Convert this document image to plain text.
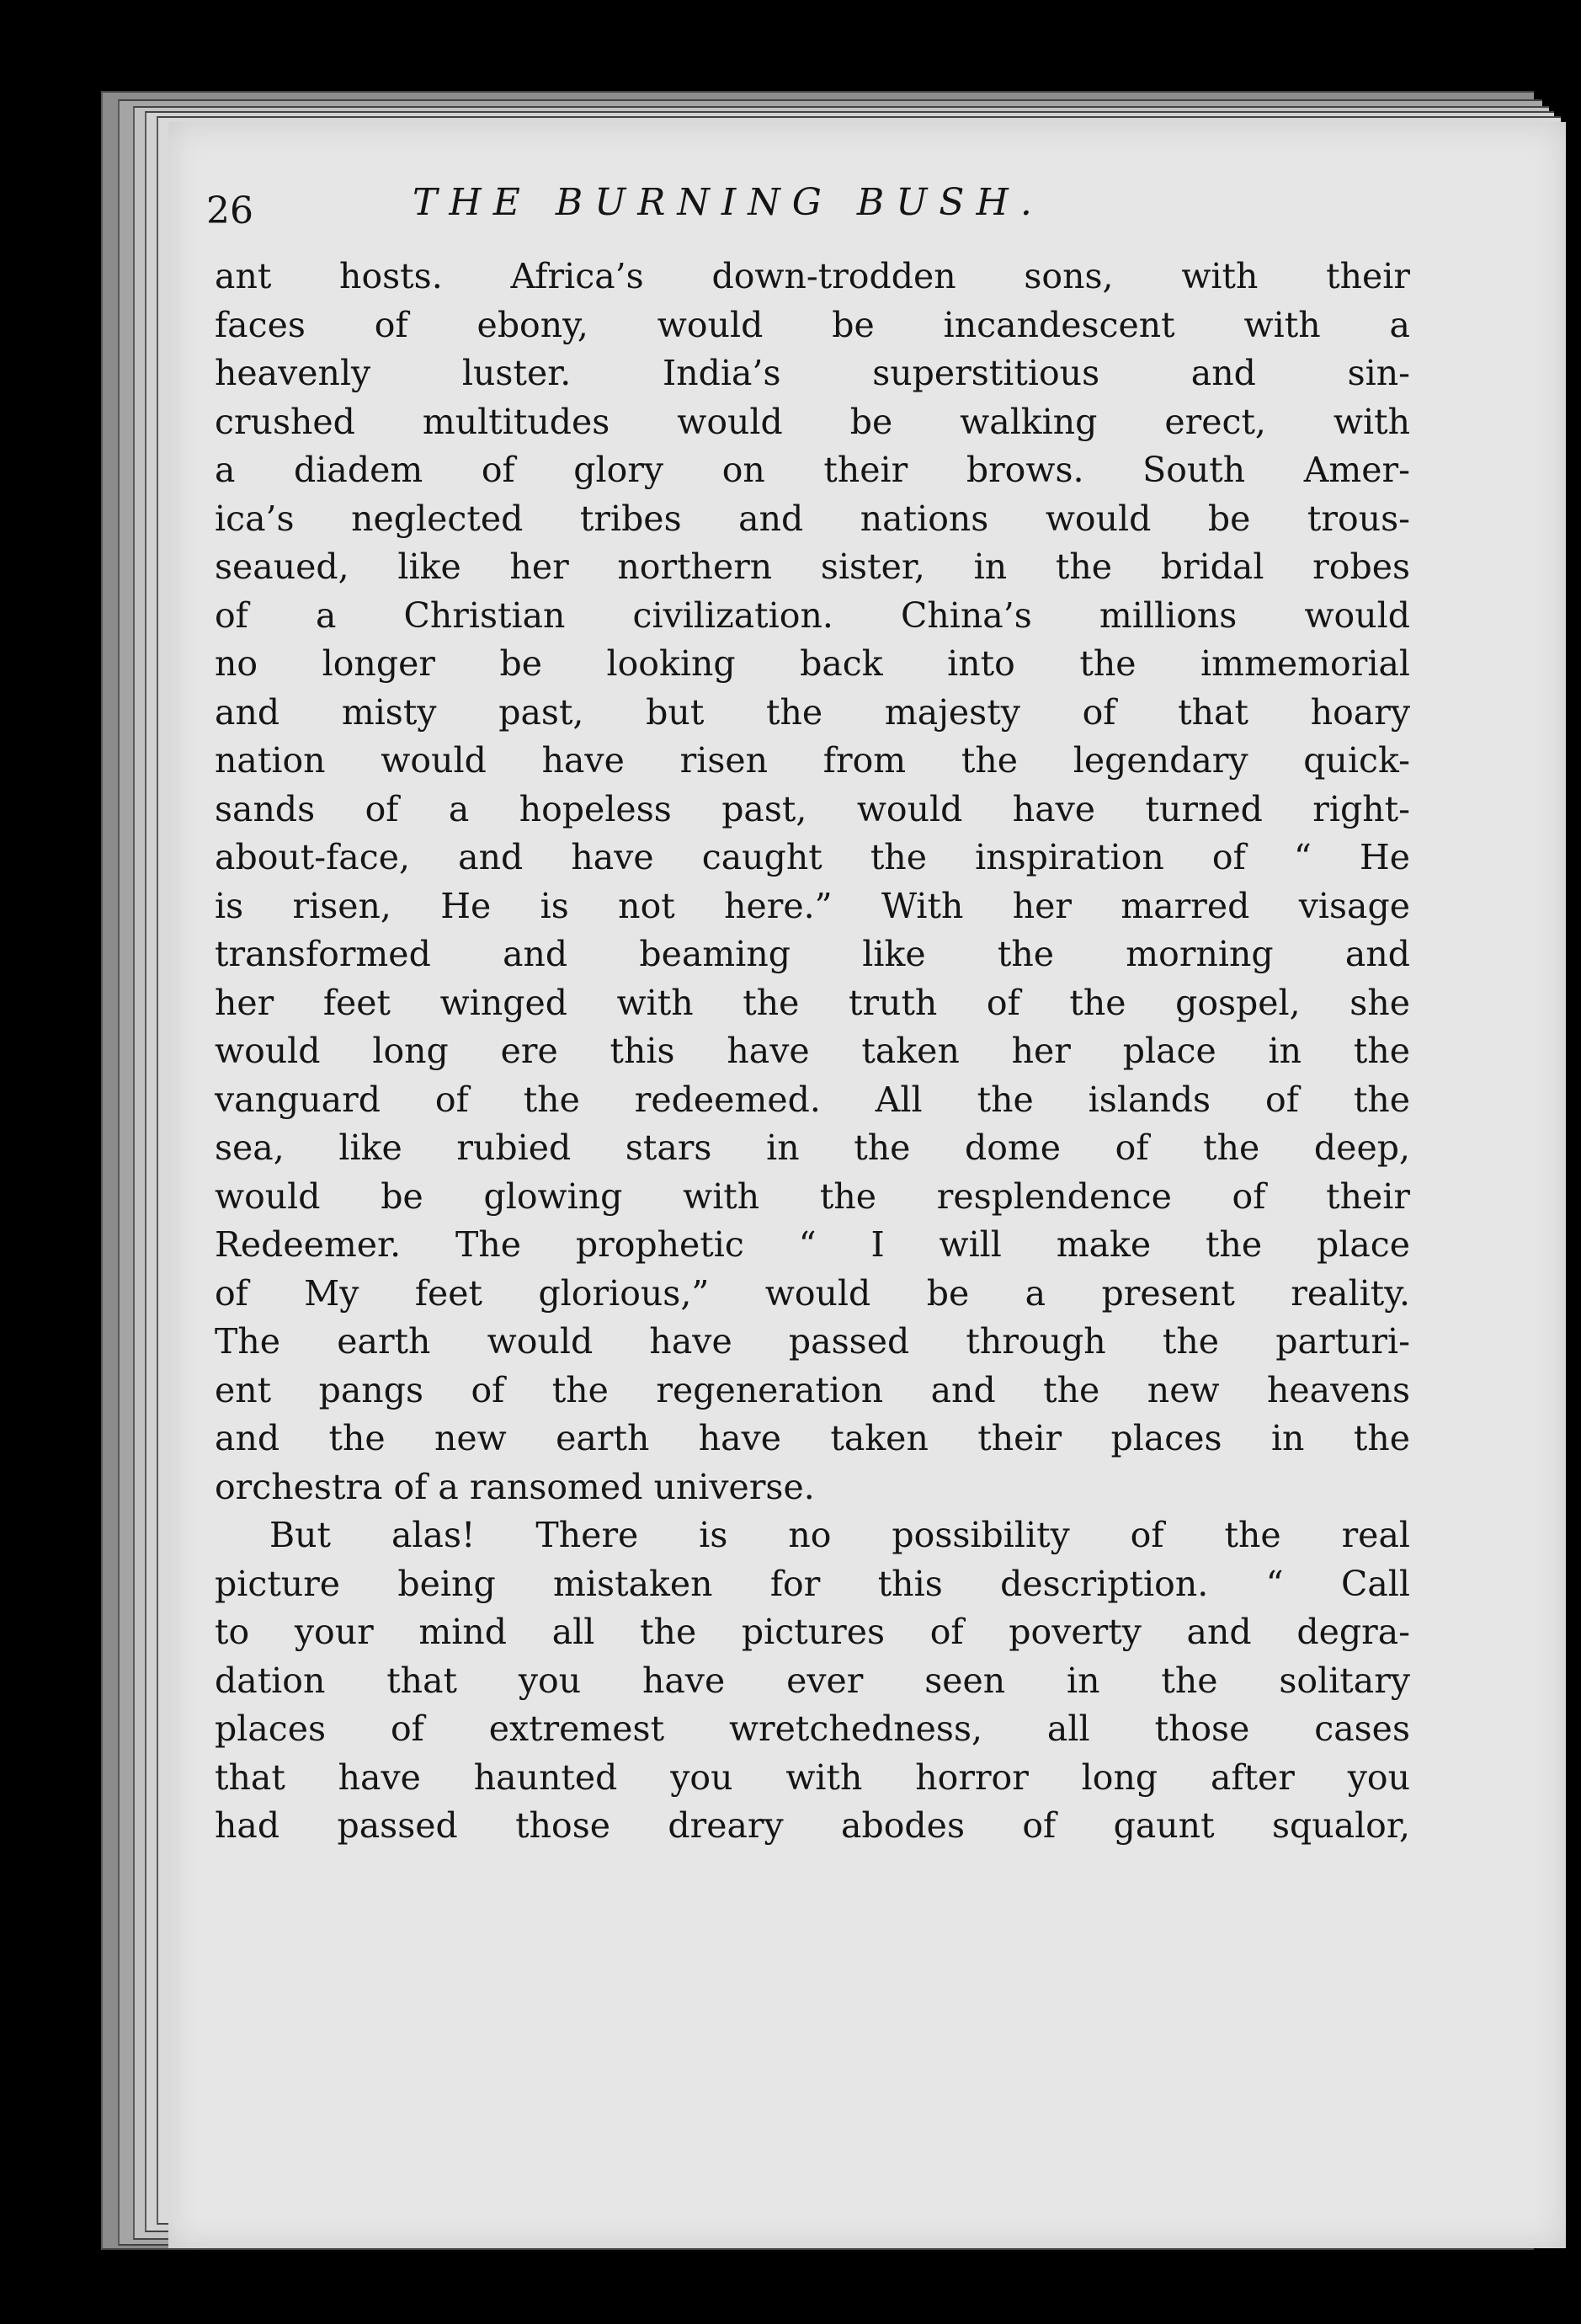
26	THE BURNING BUSH.
ant hosts. Africa’s down-trodden sons, with their
faces of ebony, would be incandescent with a
heavenly luster. India’s superstitious and sin-
crushed multitudes would be walking erect, with
a diadem of glory on their brows. South Amer-
ica’s neglected tribes and nations would be trous-
seaued, like her northern sister, in the bridal robes
of a Christian civilization. China’s millions would
no longer be looking back into the immemorial
and misty past, but the majesty of that hoary
nation would have risen from the legendary quick-
sands of a hopeless past, would have turned right-
about-face, and have caught the inspiration of “ He
is risen, He is not here.” With her marred visage
transformed and beaming like the morning and
her feet winged with the truth of the gospel, she
would long ere this have taken her place in the
vanguard of the redeemed. All the islands of the
sea, like rubied stars in the dome of the deep,
would be glowing with the resplendence of their
Redeemer. The prophetic “ I will make the place
of My feet glorious,” would be a present reality.
The earth would have passed through the parturi-
ent pangs of the regeneration and the new heavens
and the new earth have taken their places in the
orchestra of a ransomed universe.
But alas! There is no possibility of the real
picture being mistaken for this description. “ Call
to your mind all the pictures of poverty and degra-
dation that you have ever seen in the solitary
places of extremest wretchedness, all those cases
that have haunted you with horror long after you
had passed those dreary abodes of gaunt squalor,
